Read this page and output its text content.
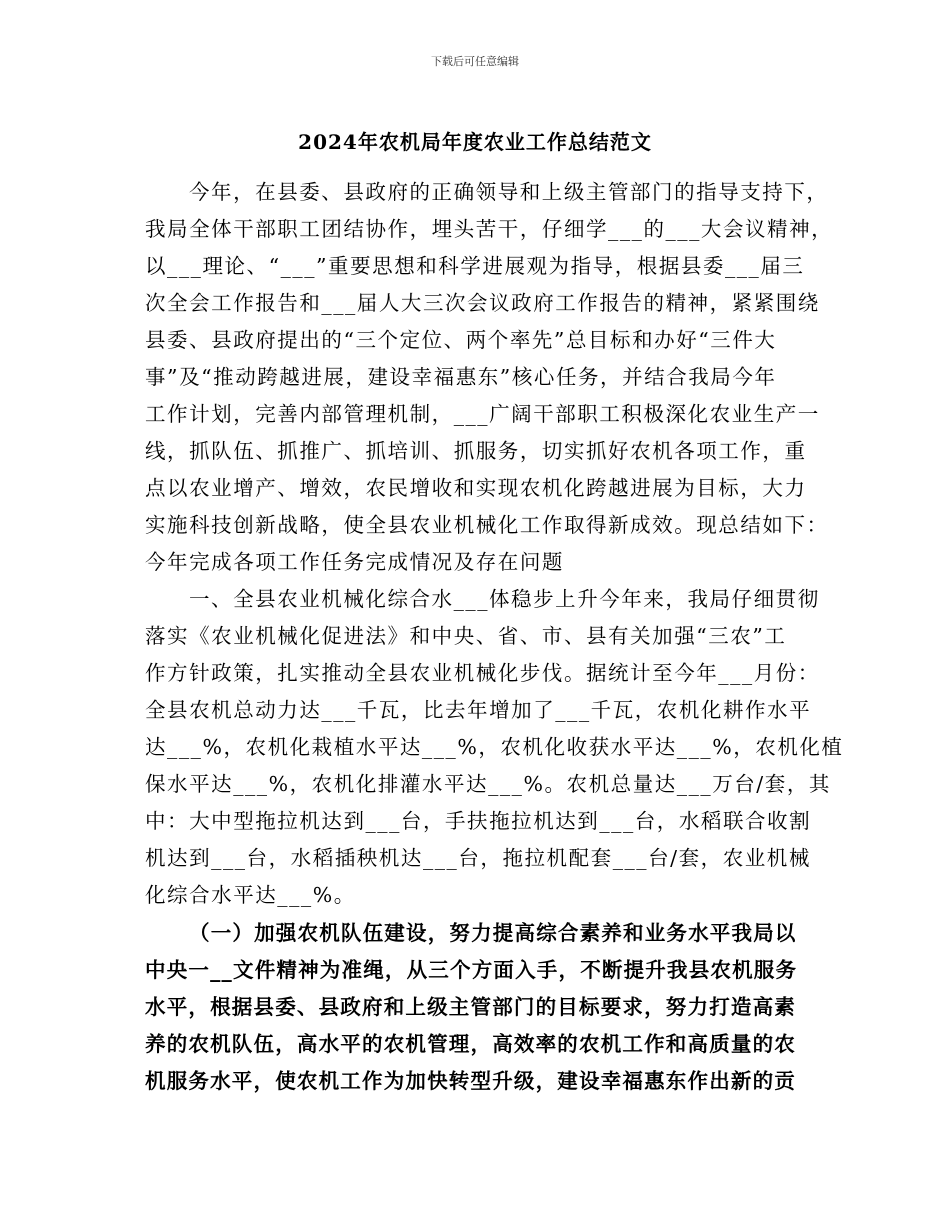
下载后可任意编辑
2024年农机局年度农业工作总结范文
今年，在县委、县政府的正确领导和上级主管部门的指导支持下，
我局全体干部职工团结协作，埋头苦干，仔细学___的___大会议精神，
以___理论、“___”重要思想和科学进展观为指导，根据县委___届三
次全会工作报告和___届人大三次会议政府工作报告的精神，紧紧围绕
县委、县政府提出的“三个定位、两个率先”总目标和办好“三件大
事”及“推动跨越进展，建设幸福惠东”核心任务，并结合我局今年
工作计划，完善内部管理机制，___广阔干部职工积极深化农业生产一
线，抓队伍、抓推广、抓培训、抓服务，切实抓好农机各项工作，重
点以农业增产、增效，农民增收和实现农机化跨越进展为目标，大力
实施科技创新战略，使全县农业机械化工作取得新成效。现总结如下：
今年完成各项工作任务完成情况及存在问题
一、全县农业机械化综合水___体稳步上升今年来，我局仔细贯彻
落实《农业机械化促进法》和中央、省、市、县有关加强“三农”工
作方针政策，扎实推动全县农业机械化步伐。据统计至今年___月份：
全县农机总动力达___千瓦，比去年增加了___千瓦，农机化耕作水平
达___%，农机化栽植水平达___%，农机化收获水平达___%，农机化植
保水平达___%，农机化排灌水平达___%。农机总量达___万台/套，其
中：大中型拖拉机达到___台，手扶拖拉机达到___台，水稻联合收割
机达到___台，水稻插秧机达___台，拖拉机配套___台/套，农业机械
化综合水平达___%。
（一）加强农机队伍建设，努力提高综合素养和业务水平我局以
中央一__文件精神为准绳，从三个方面入手，不断提升我县农机服务
水平，根据县委、县政府和上级主管部门的目标要求，努力打造高素
养的农机队伍，高水平的农机管理，高效率的农机工作和高质量的农
机服务水平，使农机工作为加快转型升级，建设幸福惠东作出新的贡
